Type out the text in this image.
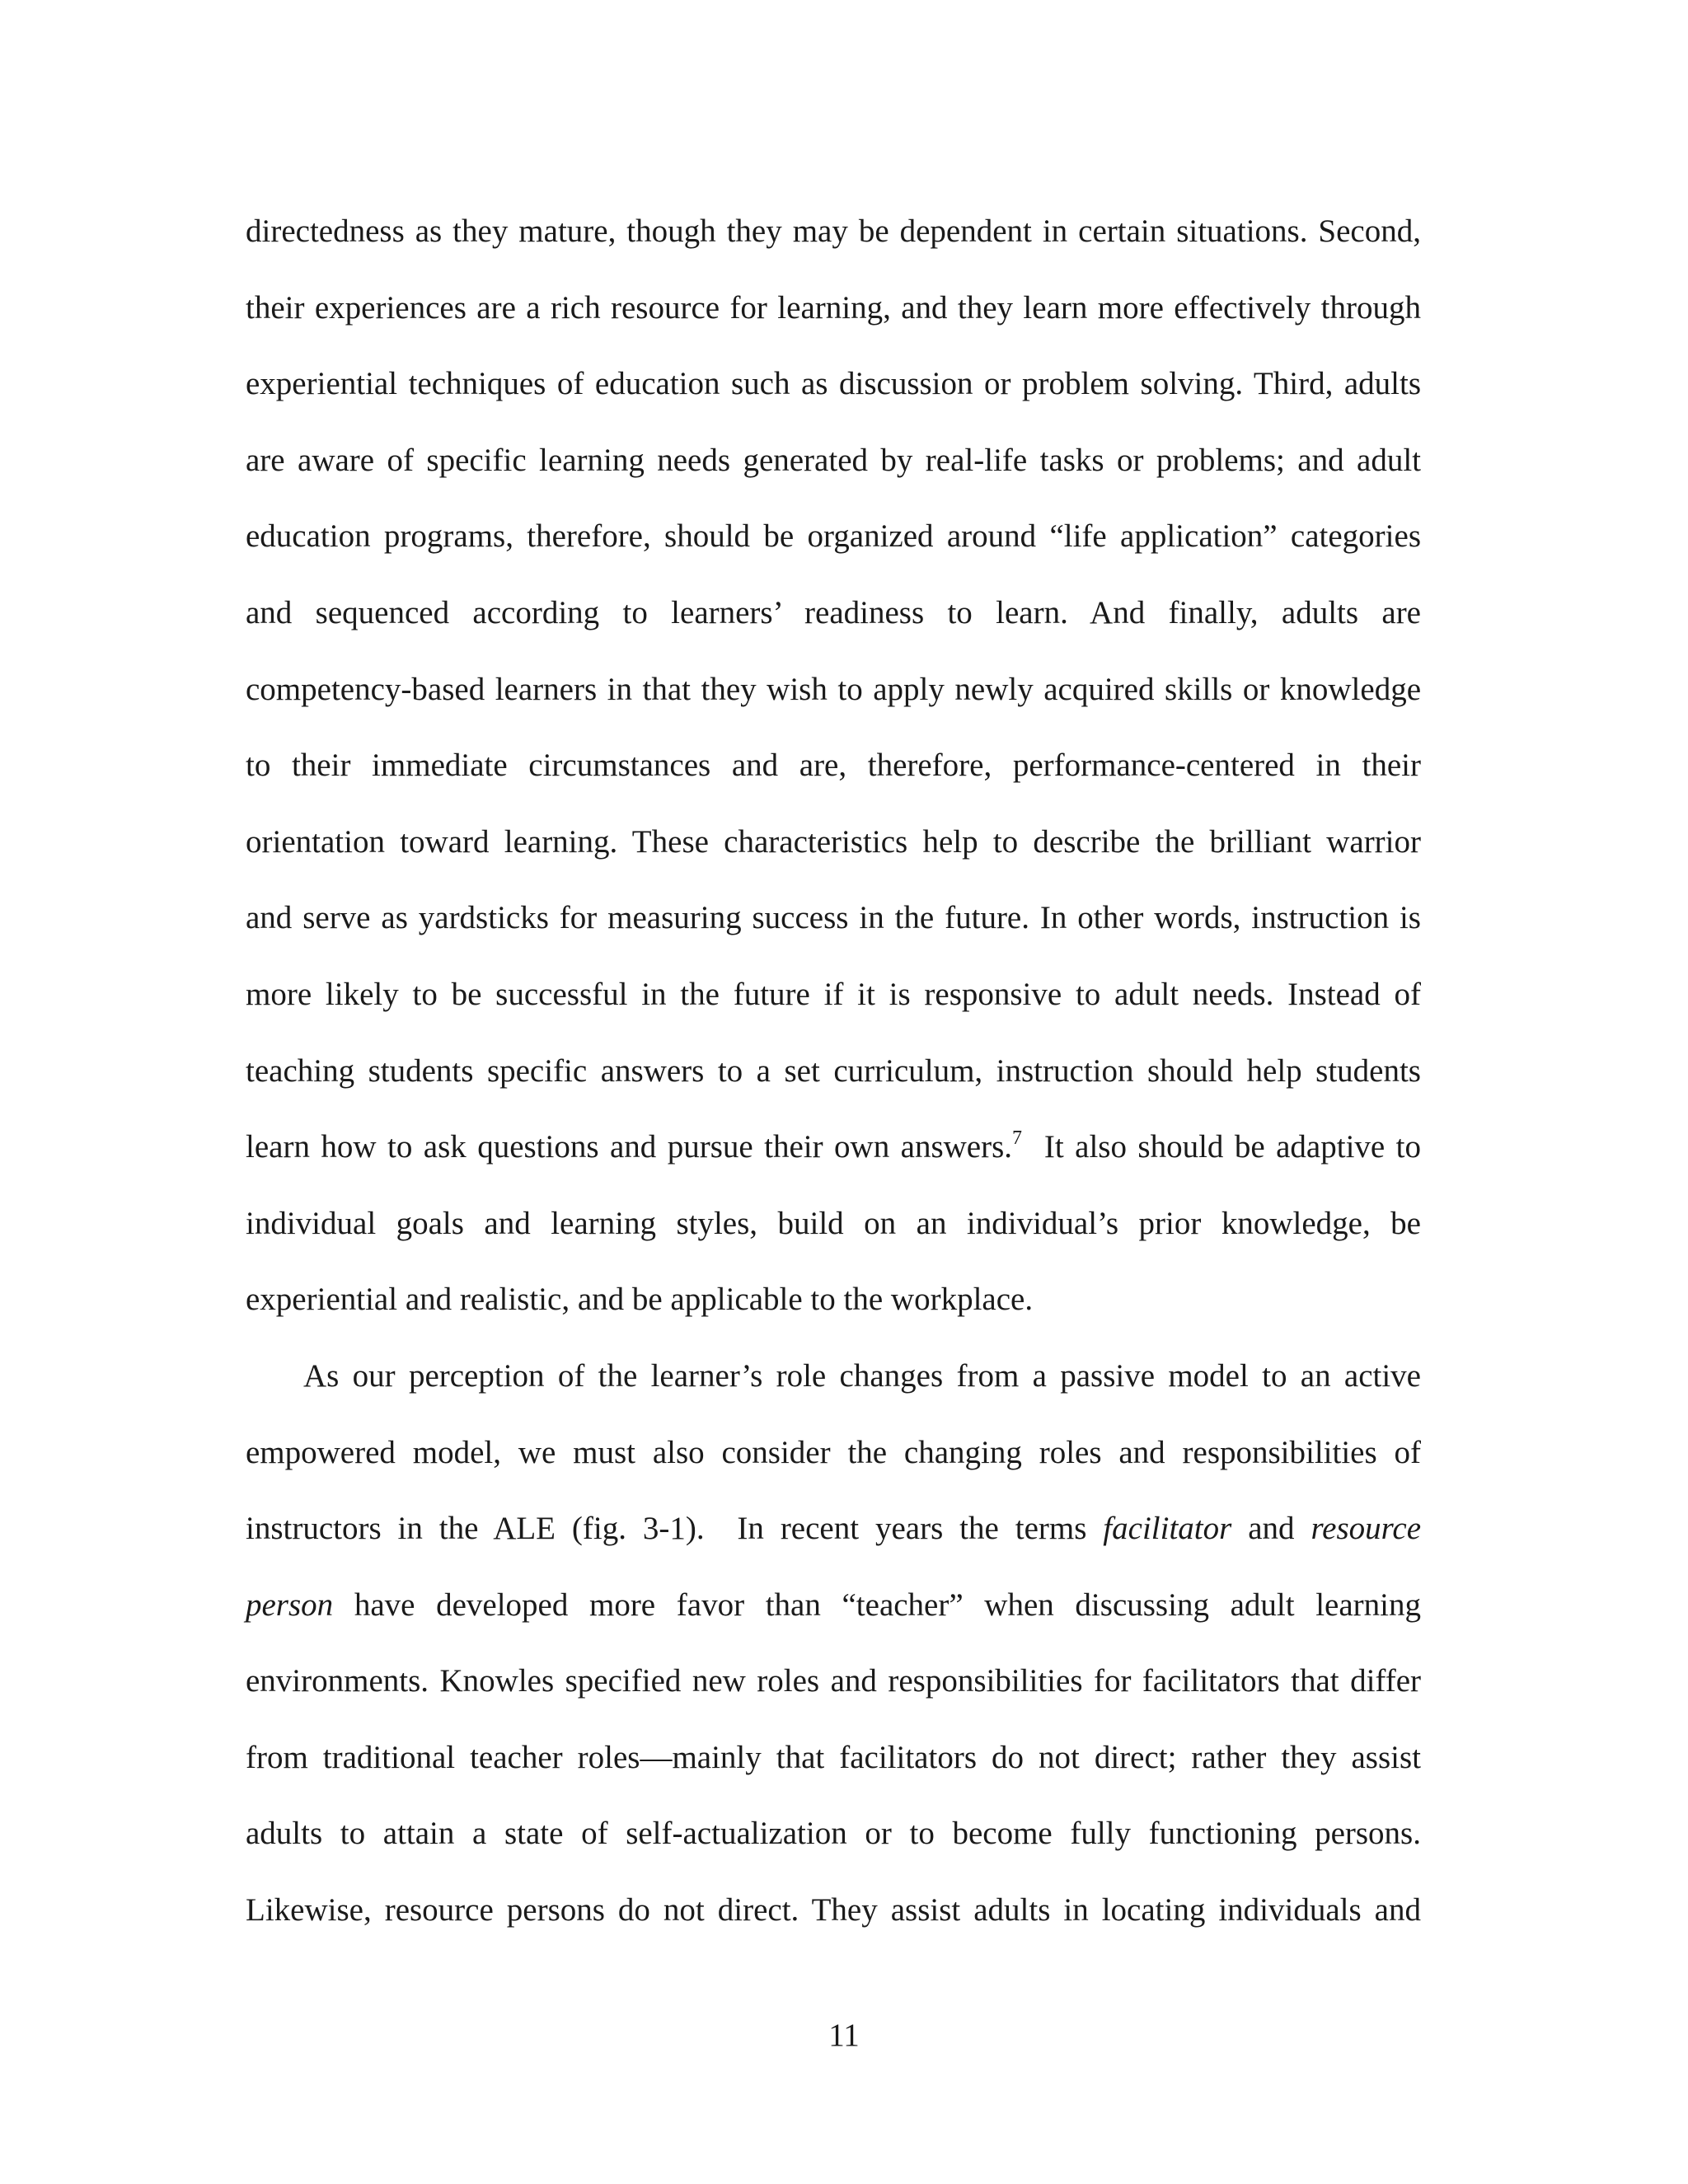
directedness as they mature, though they may be dependent in certain situations. Second,
their experiences are a rich resource for learning, and they learn more effectively through
experiential techniques of education such as discussion or problem solving. Third, adults
are aware of specific learning needs generated by real-life tasks or problems; and adult
education programs, therefore, should be organized around “life application” categories
and sequenced according to learners’ readiness to learn. And finally, adults are
competency-based learners in that they wish to apply newly acquired skills or knowledge
to their immediate circumstances and are, therefore, performance-centered in their
orientation toward learning. These characteristics help to describe the brilliant warrior
and serve as yardsticks for measuring success in the future. In other words, instruction is
more likely to be successful in the future if it is responsive to adult needs. Instead of
teaching students specific answers to a set curriculum, instruction should help students
learn how to ask questions and pursue their own answers.$^7$  It also should be adaptive to
individual goals and learning styles, build on an individual’s prior knowledge, be
experiential and realistic, and be applicable to the workplace.
As our perception of the learner’s role changes from a passive model to an active
empowered model, we must also consider the changing roles and responsibilities of
instructors in the ALE (fig. 3-1).  In recent years the terms facilitator and resource
person have developed more favor than “teacher” when discussing adult learning
environments. Knowles specified new roles and responsibilities for facilitators that differ
from traditional teacher roles—mainly that facilitators do not direct; rather they assist
adults to attain a state of self-actualization or to become fully functioning persons.
Likewise, resource persons do not direct. They assist adults in locating individuals and
11
